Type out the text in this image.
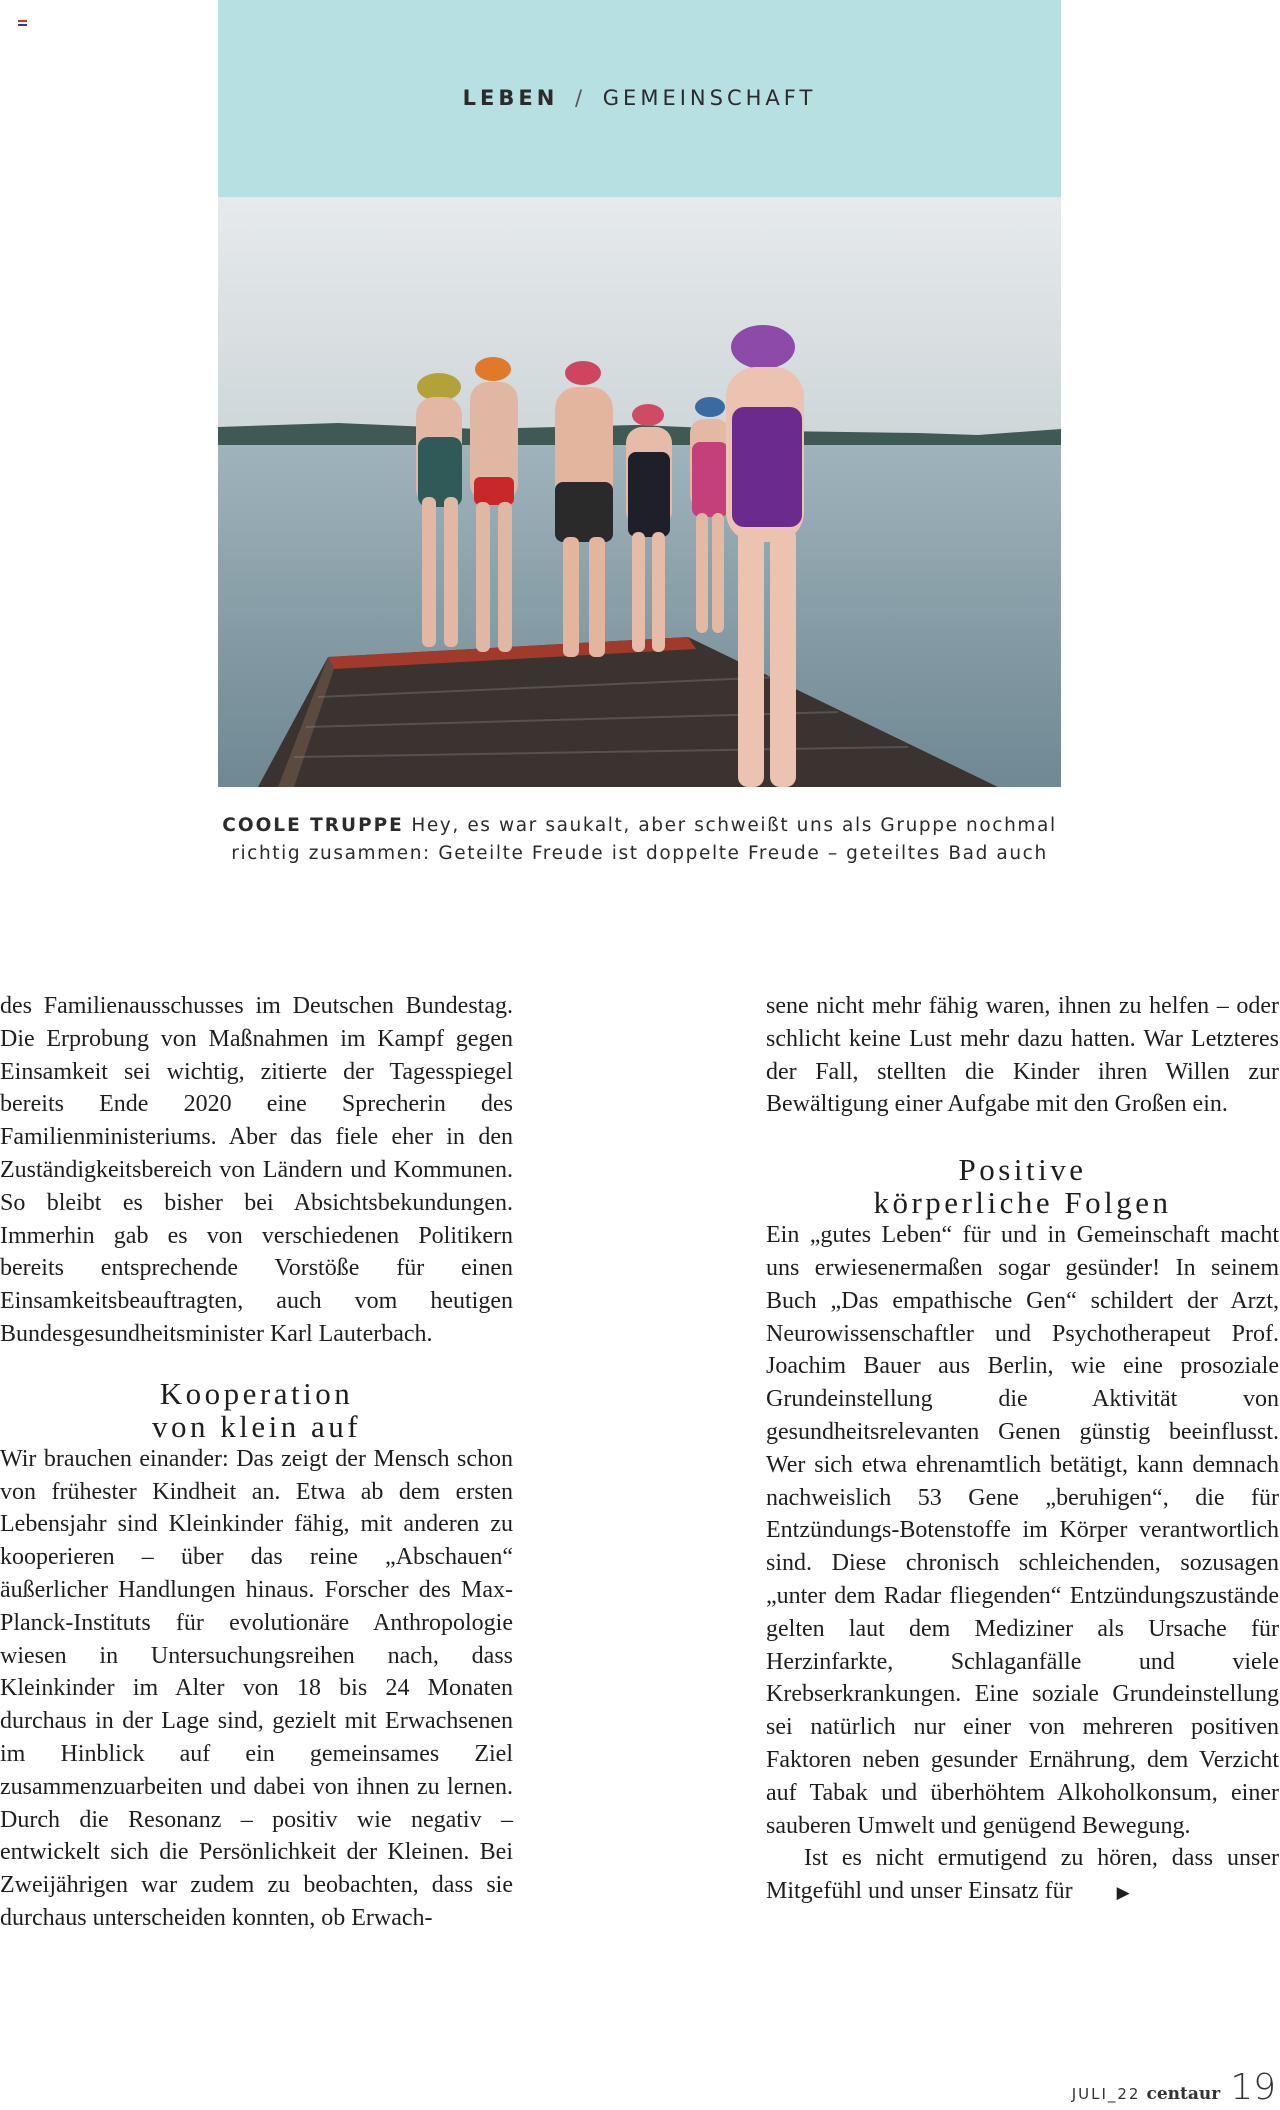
LEBEN / GEMEINSCHAFT
COOLE TRUPPE Hey, es war saukalt, aber schweißt uns als Gruppe nochmal
richtig zusammen: Geteilte Freude ist doppelte Freude – geteiltes Bad auch

des Familienausschusses im Deutschen Bundestag. Die Erprobung von Maßnahmen im Kampf gegen Einsamkeit sei wichtig, zitierte der Tagesspiegel bereits Ende 2020 eine Sprecherin des Familienministeriums. Aber das fiele eher in den Zuständigkeitsbereich von Ländern und Kommunen. So bleibt es bisher bei Absichtsbekundungen. Immerhin gab es von verschiedenen Politikern bereits entsprechende Vorstöße für einen Einsamkeitsbeauftragten, auch vom heutigen Bundesgesundheitsminister Karl Lauterbach.

Kooperation
von klein auf

Wir brauchen einander: Das zeigt der Mensch schon von frühester Kindheit an. Etwa ab dem ersten Lebensjahr sind Kleinkinder fähig, mit anderen zu kooperieren – über das reine „Abschauen“ äußerlicher Handlungen hinaus. Forscher des Max-Planck-Instituts für evolutionäre Anthropologie wiesen in Untersuchungsreihen nach, dass Kleinkinder im Alter von 18 bis 24 Monaten durchaus in der Lage sind, gezielt mit Erwachsenen im Hinblick auf ein gemeinsames Ziel zusammenzuarbeiten und dabei von ihnen zu lernen. Durch die Resonanz – positiv wie negativ – entwickelt sich die Persönlichkeit der Kleinen. Bei Zweijährigen war zudem zu beobachten, dass sie durchaus unterscheiden konnten, ob Erwach-

sene nicht mehr fähig waren, ihnen zu helfen – oder schlicht keine Lust mehr dazu hatten. War Letzteres der Fall, stellten die Kinder ihren Willen zur Bewältigung einer Aufgabe mit den Großen ein.

Positive
körperliche Folgen

Ein „gutes Leben“ für und in Gemeinschaft macht uns erwiesenermaßen sogar gesünder! In seinem Buch „Das empathische Gen“ schildert der Arzt, Neurowissenschaftler und Psychotherapeut Prof. Joachim Bauer aus Berlin, wie eine prosoziale Grundeinstellung die Aktivität von gesundheitsrelevanten Genen günstig beeinflusst. Wer sich etwa ehrenamtlich betätigt, kann demnach nachweislich 53 Gene „beruhigen“, die für Entzündungs-Botenstoffe im Körper verantwortlich sind. Diese chronisch schleichenden, sozusagen „unter dem Radar fliegenden“ Entzündungszustände gelten laut dem Mediziner als Ursache für Herzinfarkte, Schlaganfälle und viele Krebserkrankungen. Eine soziale Grundeinstellung sei natürlich nur einer von mehreren positiven Faktoren neben gesunder Ernährung, dem Verzicht auf Tabak und überhöhtem Alkoholkonsum, einer sauberen Umwelt und genügend Bewegung.

Ist es nicht ermutigend zu hören, dass unser Mitgefühl und unser Einsatz für	▶

JULI_22 centaur 19
